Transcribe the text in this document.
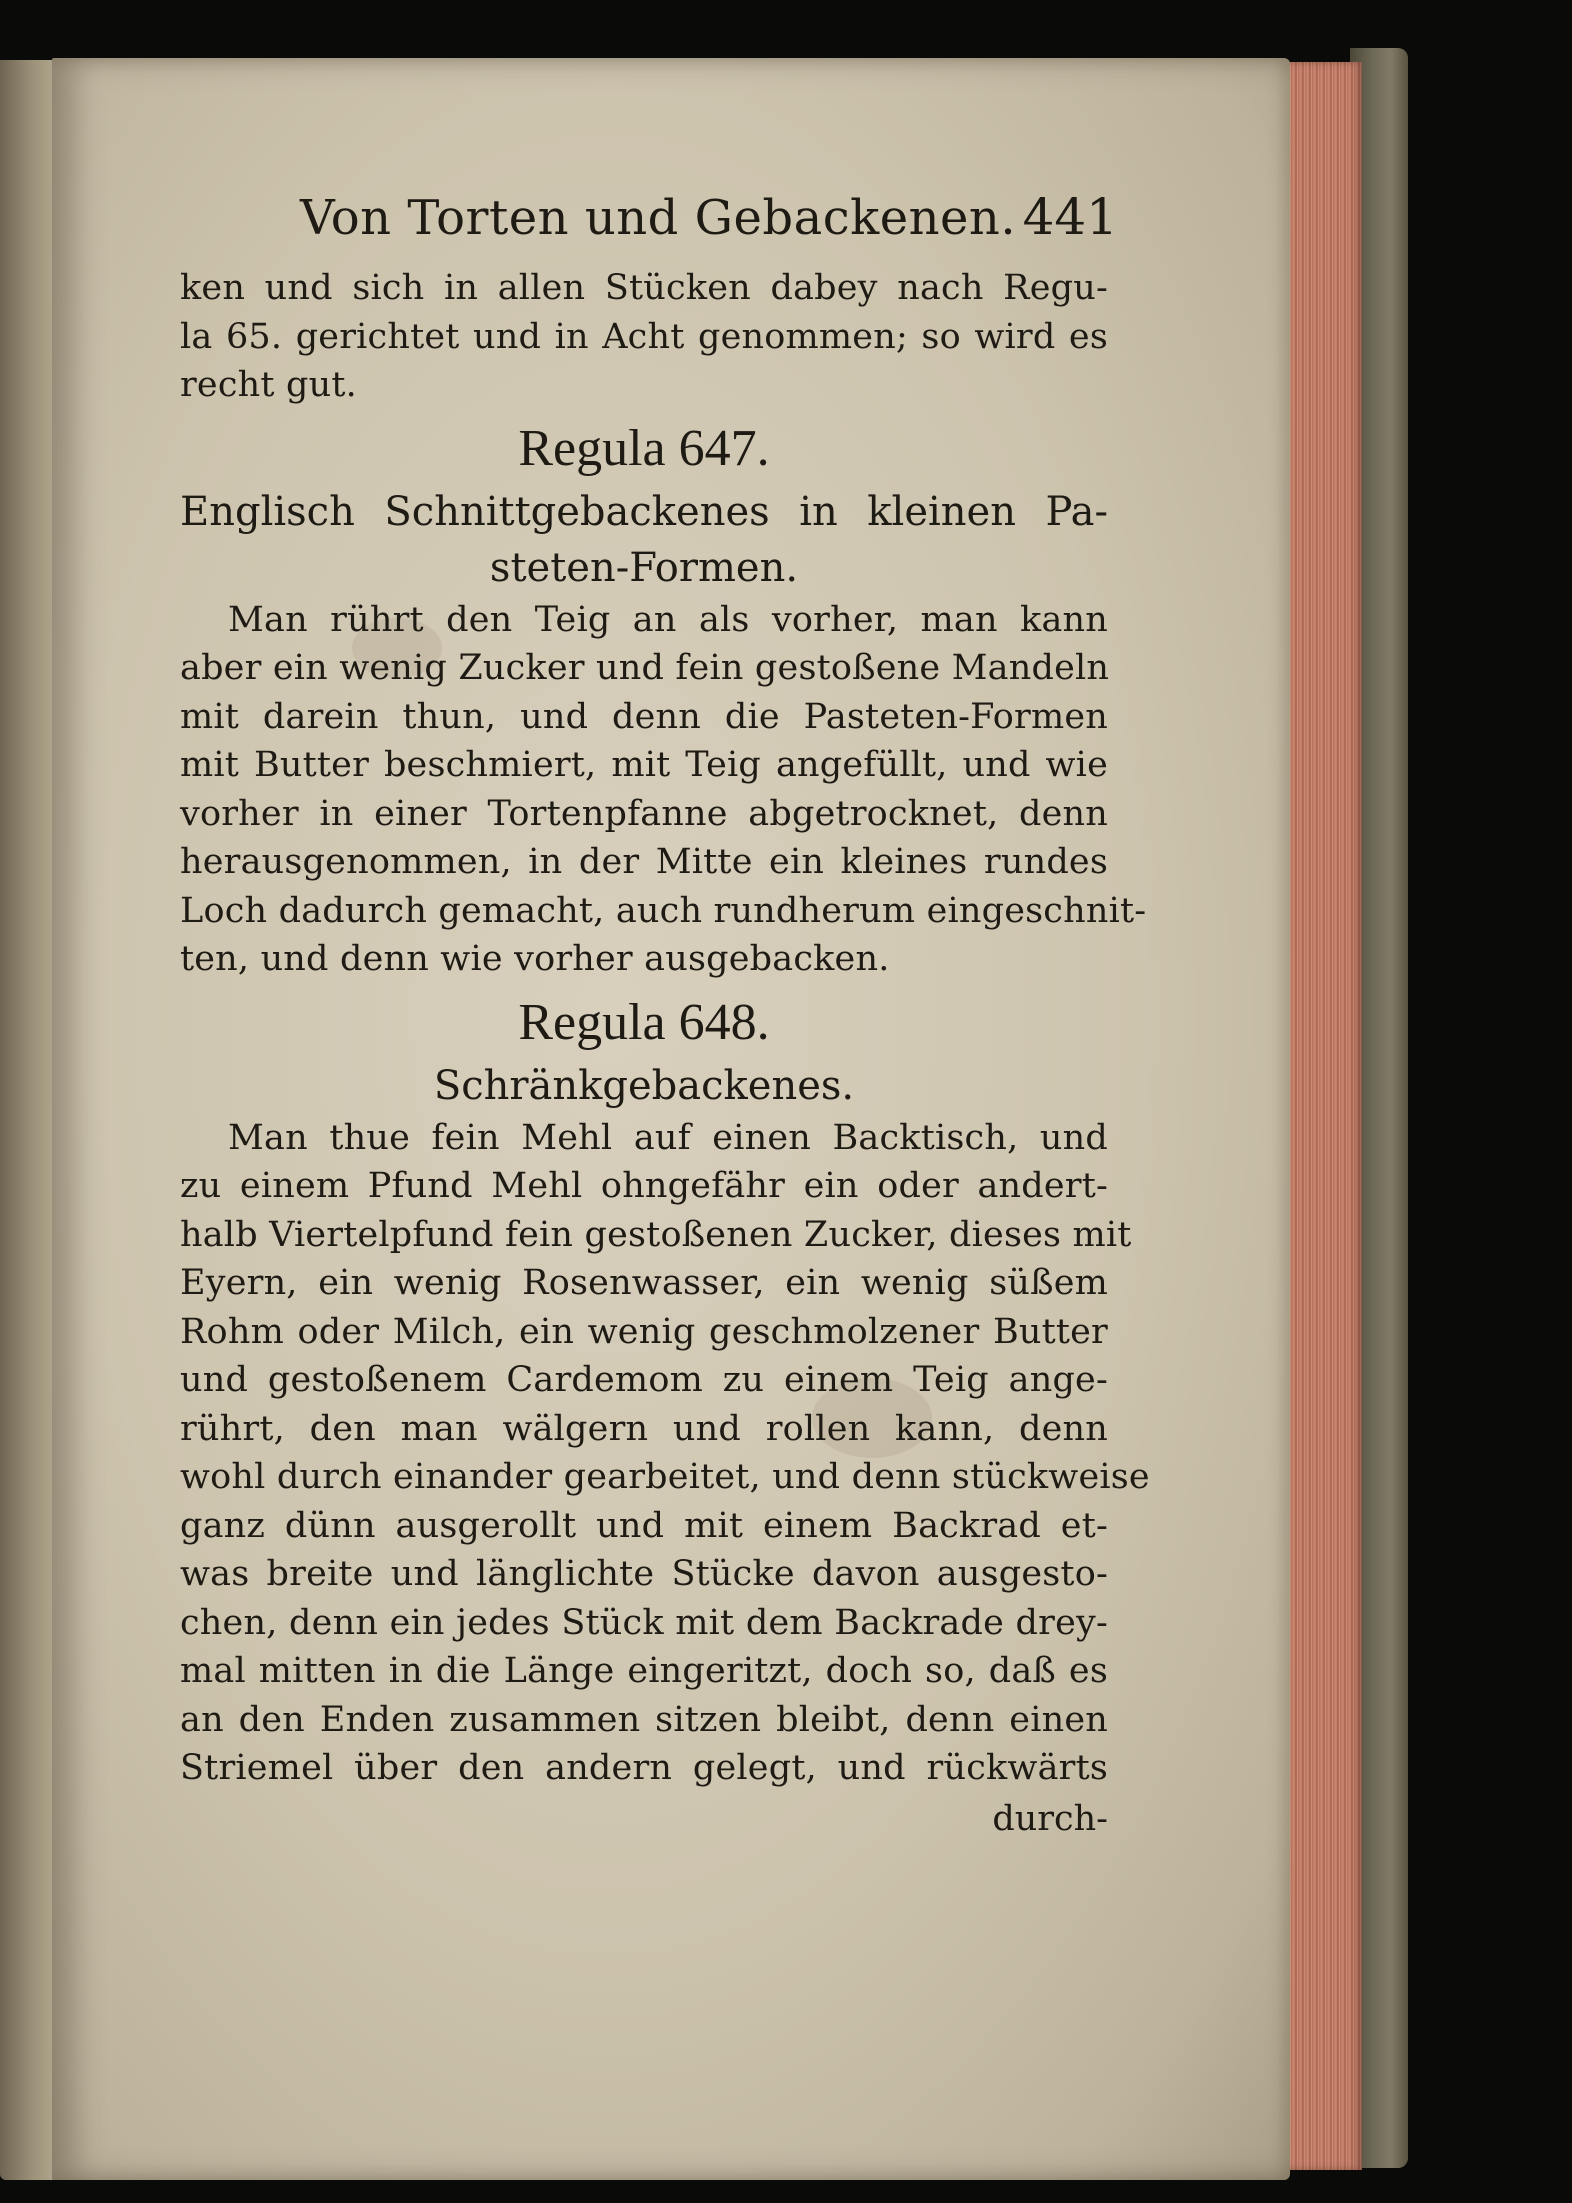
Von Torten und Gebackenen. 441

ken und sich in allen Stücken dabey nach Regu-
la 65. gerichtet und in Acht genommen; so wird es
recht gut.

Regula 647.
Englisch Schnittgebackenes in kleinen Pa-
steten-Formen.

Man rührt den Teig an als vorher, man kann
aber ein wenig Zucker und fein gestoßene Mandeln
mit darein thun, und denn die Pasteten-Formen
mit Butter beschmiert, mit Teig angefüllt, und wie
vorher in einer Tortenpfanne abgetrocknet, denn
herausgenommen, in der Mitte ein kleines rundes
Loch dadurch gemacht, auch rundherum eingeschnit-
ten, und denn wie vorher ausgebacken.

Regula 648.
Schränkgebackenes.

Man thue fein Mehl auf einen Backtisch, und
zu einem Pfund Mehl ohngefähr ein oder andert-
halb Viertelpfund fein gestoßenen Zucker, dieses mit
Eyern, ein wenig Rosenwasser, ein wenig süßem
Rohm oder Milch, ein wenig geschmolzener Butter
und gestoßenem Cardemom zu einem Teig ange-
rührt, den man wälgern und rollen kann, denn
wohl durch einander gearbeitet, und denn stückweise
ganz dünn ausgerollt und mit einem Backrad et-
was breite und länglichte Stücke davon ausgesto-
chen, denn ein jedes Stück mit dem Backrade drey-
mal mitten in die Länge eingeritzt, doch so, daß es
an den Enden zusammen sitzen bleibt, denn einen
Striemel über den andern gelegt, und rückwärts

durch-
